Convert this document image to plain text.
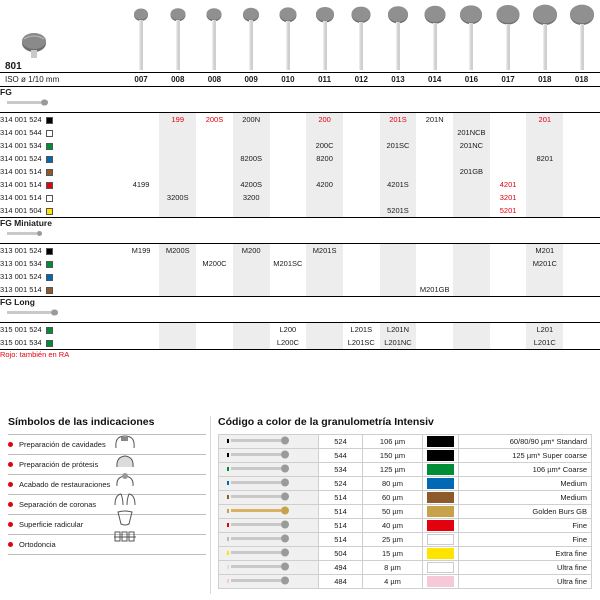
801

ISO ø 1/10 mm	007	008	008	009	010	011	012	013	014	016	017	018	018

FG													

314 001 524		199	200S	200N		200		201S	201N			201	
314 001 544										201NCB			
314 001 534						200C		201SC		201NC			
314 001 524				8200S		8200						8201	
314 001 514										201GB			
314 001 514	4199			4200S		4200		4201S			4201		
314 001 514		3200S		3200							3201		
314 001 504								5201S			5201		

FG Miniature													

313 001 524	M199	M200S		M200		M201S						M201	
313 001 534			M200C		M201SC							M201C	
313 001 524													
313 001 514									M201GB				

FG Long													

315 001 524					L200		L201S	L201N				L201	
315 001 534					L200C		L201SC	L201NC				L201C	

Rojo: también en RA													
Símbolos de las indicaciones
Preparación de cavidades
Preparación de prótesis
Acabado de restauraciones
Separación de coronas
Superficie radicular
Ortodoncia
Código a color de la granulometría Intensiv
	524	106 µm		60/80/90 µm* Standard
	544	150 µm		125 µm* Super coarse
	534	125 µm		106 µm* Coarse
	524	80 µm		Medium
	514	60 µm		Medium
	514	50 µm		Golden Burs GB
	514	40 µm		Fine
	514	25 µm		Fine
	504	15 µm		Extra fine
	494	8 µm		Ultra fine
	484	4 µm		Ultra fine
